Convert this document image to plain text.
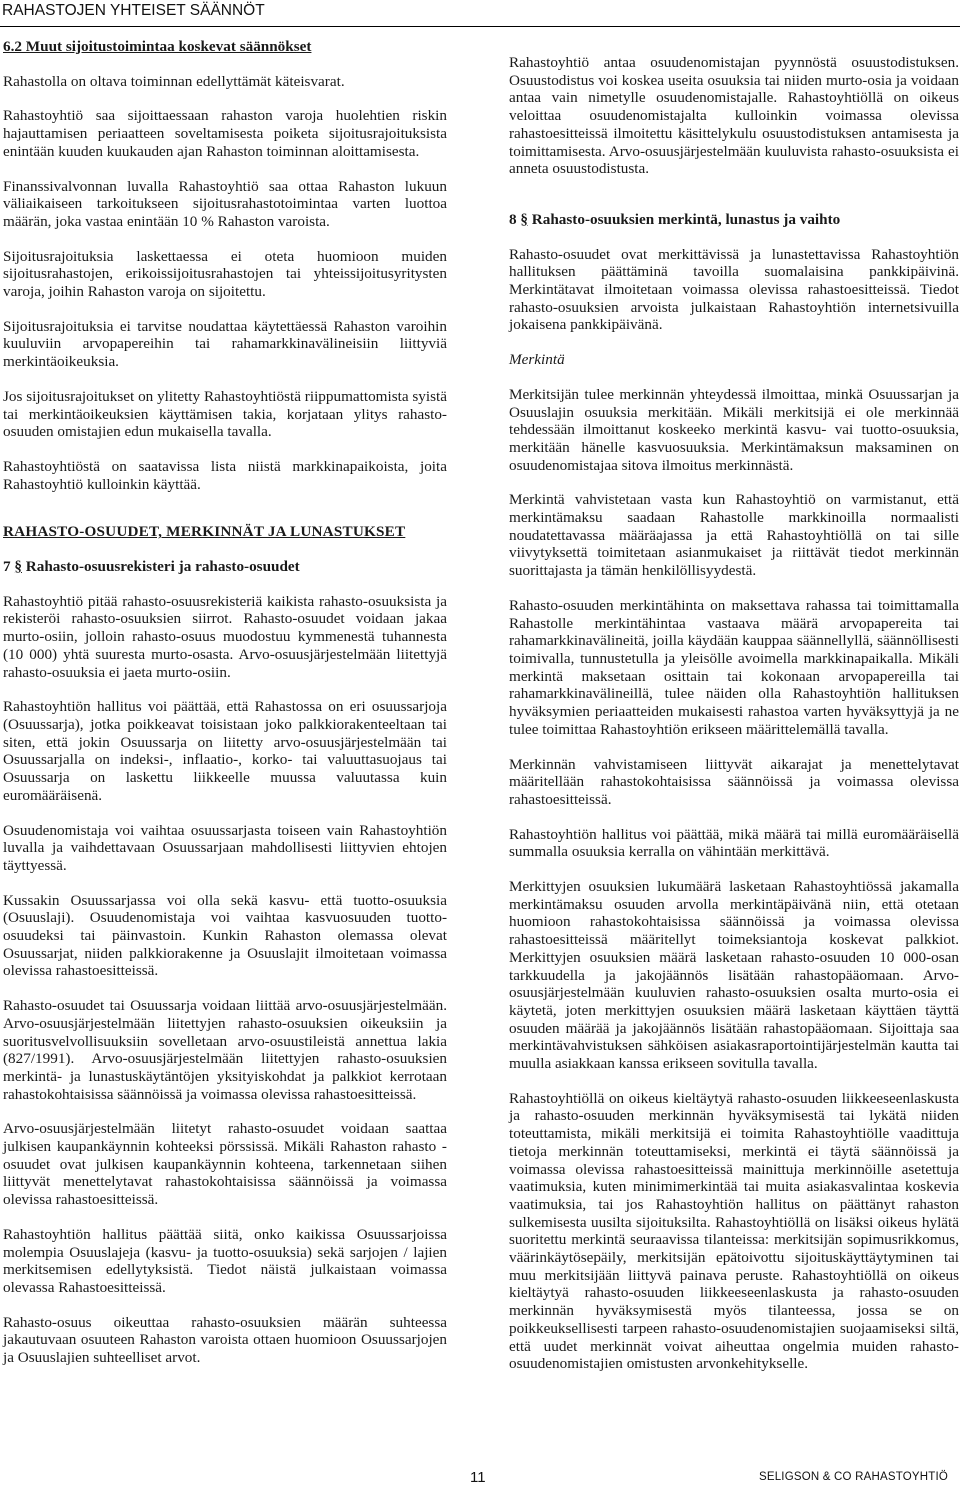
RAHASTOJEN YHTEISET SÄÄNNÖT
6.2 Muut sijoitustoimintaa koskevat säännökset

Rahastolla on oltava toiminnan edellyttämät käteisvarat.

Rahastoyhtiö saa sijoittaessaan rahaston varoja huolehtien riskin hajauttamisen periaatteen soveltamisesta poiketa sijoitusrajoituksista enintään kuuden kuukauden ajan Rahaston toiminnan aloittamisesta.

Finanssivalvonnan luvalla Rahastoyhtiö saa ottaa Rahaston lukuun väliaikaiseen tarkoitukseen sijoitusrahastotoimintaa varten luottoa määrän, joka vastaa enintään 10 % Rahaston varoista.

Sijoitusrajoituksia laskettaessa ei oteta huomioon muiden sijoitusrahastojen, erikoissijoitusrahastojen tai yhteissijoitusyritysten varoja, joihin Rahaston varoja on sijoitettu.

Sijoitusrajoituksia ei tarvitse noudattaa käytettäessä Rahaston varoihin kuuluviin arvopapereihin tai rahamarkkinavälineisiin liittyviä merkintäoikeuksia.

Jos sijoitusrajoitukset on ylitetty Rahastoyhtiöstä riippumattomista syistä tai merkintäoikeuksien käyttämisen takia, korjataan ylitys rahasto-osuuden omistajien edun mukaisella tavalla.

Rahastoyhtiöstä on saatavissa lista niistä markkinapaikoista, joita Rahastoyhtiö kulloinkin käyttää.

RAHASTO-OSUUDET, MERKINNÄT JA LUNASTUKSET
7 § Rahasto-osuusrekisteri ja rahasto-osuudet

Rahastoyhtiö pitää rahasto-osuusrekisteriä kaikista rahasto-osuuksista ja rekisteröi rahasto-osuuksien siirrot. Rahasto-osuudet voidaan jakaa murto-osiin, jolloin rahasto-osuus muodostuu kymmenestä tuhannesta (10 000) yhtä suuresta murto-osasta. Arvo-osuusjärjestelmään liitettyjä rahasto-osuuksia ei jaeta murto-osiin.

Rahastoyhtiön hallitus voi päättää, että Rahastossa on eri osuussarjoja (Osuussarja), jotka poikkeavat toisistaan joko palkkiorakenteeltaan tai siten, että jokin Osuussarja on liitetty arvo-osuusjärjestelmään tai Osuussarjalla on indeksi-, inflaatio-, korko- tai valuuttasuojaus tai Osuussarja on laskettu liikkeelle muussa valuutassa kuin euromääräisenä.

Osuudenomistaja voi vaihtaa osuussarjasta toiseen vain Rahastoyhtiön luvalla ja vaihdettavaan Osuussarjaan mahdollisesti liittyvien ehtojen täyttyessä.

Kussakin Osuussarjassa voi olla sekä kasvu- että tuotto-osuuksia (Osuuslaji). Osuudenomistaja voi vaihtaa kasvuosuuden tuotto-osuudeksi tai päinvastoin. Kunkin Rahaston olemassa olevat Osuussarjat, niiden palkkiorakenne ja Osuuslajit ilmoitetaan voimassa olevissa rahastoesitteissä.

Rahasto-osuudet tai Osuussarja voidaan liittää arvo-osuusjärjestelmään. Arvo-osuusjärjestelmään liitettyjen rahasto-osuuksien oikeuksiin ja suoritusvelvollisuuksiin sovelletaan arvo-osuustileistä annettua lakia (827/1991). Arvo-osuusjärjestelmään liitettyjen rahasto-osuuksien merkintä- ja lunastuskäytäntöjen yksityiskohdat ja palkkiot kerrotaan rahastokohtaisissa säännöissä ja voimassa olevissa rahastoesitteissä.

Arvo-osuusjärjestelmään liitetyt rahasto-osuudet voidaan saattaa julkisen kaupankäynnin kohteeksi pörssissä. Mikäli Rahaston rahasto -osuudet ovat julkisen kaupankäynnin kohteena, tarkennetaan siihen liittyvät menettelytavat rahastokohtaisissa säännöissä ja voimassa olevissa rahastoesitteissä.

Rahastoyhtiön hallitus päättää siitä, onko kaikissa Osuussarjoissa molempia Osuuslajeja (kasvu- ja tuotto-osuuksia) sekä sarjojen / lajien merkitsemisen edellytyksistä. Tiedot näistä julkaistaan voimassa olevassa Rahastoesitteissä.

Rahasto-osuus oikeuttaa rahasto-osuuksien määrän suhteessa jakautuvaan osuuteen Rahaston varoista ottaen huomioon Osuussarjojen ja Osuuslajien suhteelliset arvot.

Rahastoyhtiö antaa osuudenomistajan pyynnöstä osuustodistuksen. Osuustodistus voi koskea useita osuuksia tai niiden murto-osia ja voidaan antaa vain nimetylle osuudenomistajalle. Rahastoyhtiöllä on oikeus veloittaa osuudenomistajalta kulloinkin voimassa olevissa rahastoesitteissä ilmoitettu käsittelykulu osuustodistuksen antamisesta ja toimittamisesta. Arvo-osuusjärjestelmään kuuluvista rahasto-osuuksista ei anneta osuustodistusta.

8 § Rahasto-osuuksien merkintä, lunastus ja vaihto

Rahasto-osuudet ovat merkittävissä ja lunastettavissa Rahastoyhtiön hallituksen päättäminä tavoilla suomalaisina pankkipäivinä. Merkintätavat ilmoitetaan voimassa olevissa rahastoesitteissä. Tiedot rahasto-osuuksien arvoista julkaistaan Rahastoyhtiön internetsivuilla jokaisena pankkipäivänä.

Merkintä

Merkitsijän tulee merkinnän yhteydessä ilmoittaa, minkä Osuussarjan ja Osuuslajin osuuksia merkitään. Mikäli merkitsijä ei ole merkinnää tehdessään ilmoittanut koskeeko merkintä kasvu- vai tuotto-osuuksia, merkitään hänelle kasvuosuuksia. Merkintämaksun maksaminen on osuudenomistajaa sitova ilmoitus merkinnästä.

Merkintä vahvistetaan vasta kun Rahastoyhtiö on varmistanut, että merkintämaksu saadaan Rahastolle markkinoilla normaalisti noudatettavassa määräajassa ja että Rahastoyhtiöllä on tai sille viivytyksettä toimitetaan asianmukaiset ja riittävät tiedot merkinnän suorittajasta ja tämän henkilöllisyydestä.

Rahasto-osuuden merkintähinta on maksettava rahassa tai toimittamalla Rahastolle merkintähintaa vastaava määrä arvopapereita tai rahamarkkinavälineitä, joilla käydään kauppaa säännellyllä, säännöllisesti toimivalla, tunnustetulla ja yleisölle avoimella markkinapaikalla. Mikäli merkintä maksetaan osittain tai kokonaan arvopapereilla tai rahamarkkinavälineillä, tulee näiden olla Rahastoyhtiön hallituksen hyväksymien periaatteiden mukaisesti rahastoa varten hyväksyttyjä ja ne tulee toimittaa Rahastoyhtiön erikseen määrittelemällä tavalla.

Merkinnän vahvistamiseen liittyvät aikarajat ja menettelytavat määritellään rahastokohtaisissa säännöissä ja voimassa olevissa rahastoesitteissä.

Rahastoyhtiön hallitus voi päättää, mikä määrä tai millä euromääräisellä summalla osuuksia kerralla on vähintään merkittävä.

Merkittyjen osuuksien lukumäärä lasketaan Rahastoyhtiössä jakamalla merkintämaksu osuuden arvolla merkintäpäivänä niin, että otetaan huomioon rahastokohtaisissa säännöissä ja voimassa olevissa rahastoesitteissä määritellyt toimeksiantoja koskevat palkkiot. Merkittyjen osuuksien määrä lasketaan rahasto-osuuden 10 000-osan tarkkuudella ja jakojäännös lisätään rahastopääomaan. Arvo-osuusjärjestelmään kuuluvien rahasto-osuuksien osalta murto-osia ei käytetä, joten merkittyjen osuuksien määrä lasketaan käyttäen täyttä osuuden määrää ja jakojäännös lisätään rahastopääomaan. Sijoittaja saa merkintävahvistuksen sähköisen asiakasraportointijärjestelmän kautta tai muulla asiakkaan kanssa erikseen sovitulla tavalla.

Rahastoyhtiöllä on oikeus kieltäytyä rahasto-osuuden liikkeeseenlaskusta ja rahasto-osuuden merkinnän hyväksymisestä tai lykätä niiden toteuttamista, mikäli merkitsijä ei toimita Rahastoyhtiölle vaadittuja tietoja merkinnän toteuttamiseksi, merkintä ei täytä säännöissä ja voimassa olevissa rahastoesitteissä mainittuja merkinnöille asetettuja vaatimuksia, kuten minimimerkintää tai muita asiakasvalintaa koskevia vaatimuksia, tai jos Rahastoyhtiön hallitus on päättänyt rahaston sulkemisesta uusilta sijoituksilta. Rahastoyhtiöllä on lisäksi oikeus hylätä suoritettu merkintä seuraavissa tilanteissa: merkitsijän sopimusrikkomus, väärinkäytösepäily, merkitsijän epätoivottu sijoituskäyttäytyminen tai muu merkitsijään liittyvä painava peruste. Rahastoyhtiöllä on oikeus kieltäytyä rahasto-osuuden liikkeeseenlaskusta ja rahasto-osuuden merkinnän hyväksymisestä myös tilanteessa, jossa se on poikkeuksellisesti tarpeen rahasto-osuudenomistajien suojaamiseksi siltä, että uudet merkinnät voivat aiheuttaa ongelmia muiden rahasto-osuudenomistajien omistusten arvonkehitykselle.

11	SELIGSON & CO RAHASTOYHTIÖ
